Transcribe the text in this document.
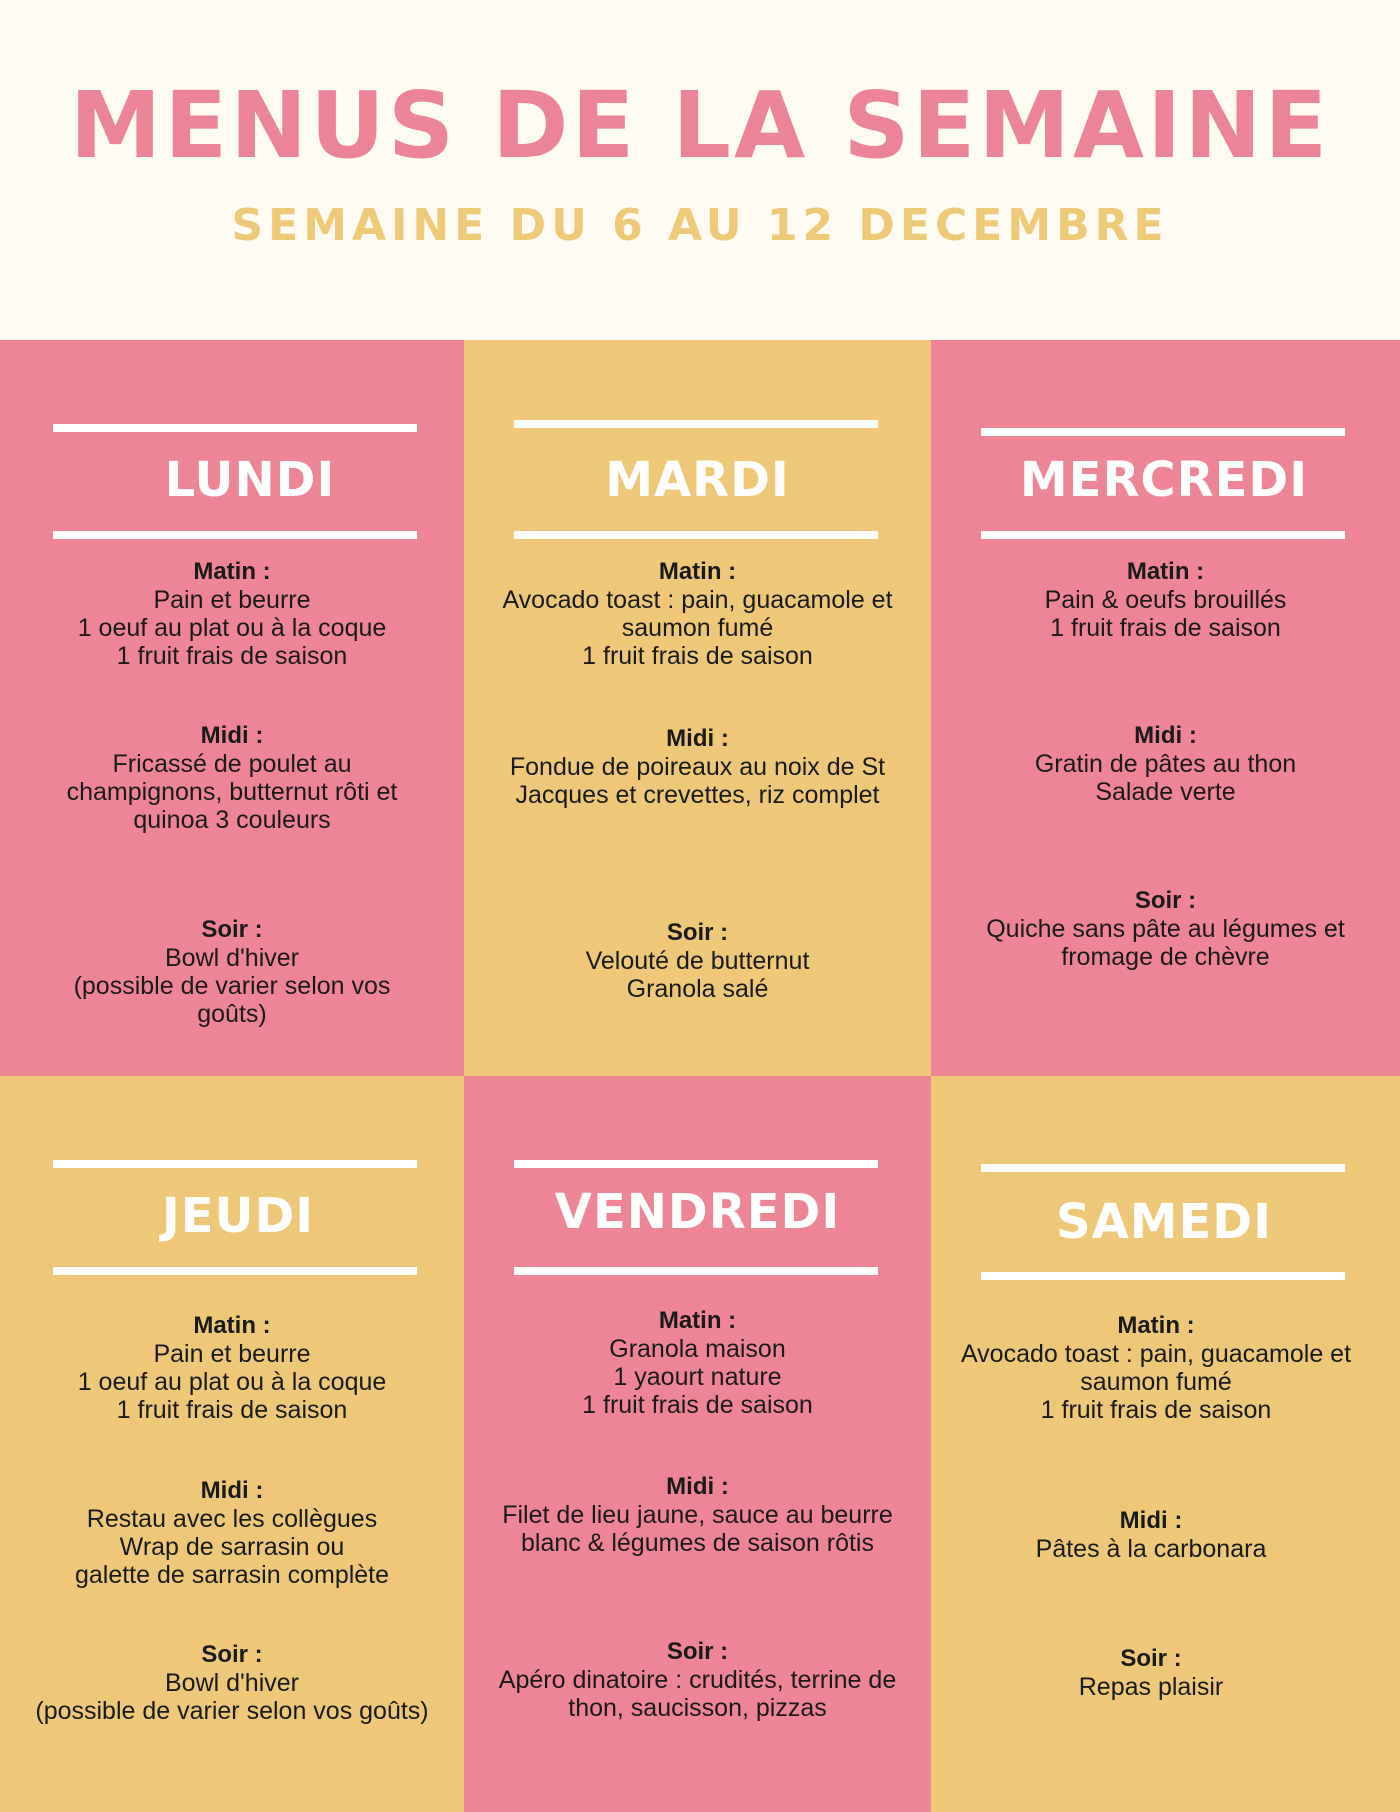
MENUS DE LA SEMAINE
SEMAINE DU 6 AU 12 DECEMBRE
LUNDI
Matin :
Pain et beurre
1 oeuf au plat ou à la coque
1 fruit frais de saison
Midi :
Fricassé de poulet au
champignons, butternut rôti et
quinoa 3 couleurs
Soir :
Bowl d'hiver
(possible de varier selon vos
goûts)
MARDI
Matin :
Avocado toast : pain, guacamole et
saumon fumé
1 fruit frais de saison
Midi :
Fondue de poireaux au noix de St
Jacques et crevettes, riz complet
Soir :
Velouté de butternut
Granola salé
MERCREDI
Matin :
Pain & oeufs brouillés
1 fruit frais de saison
Midi :
Gratin de pâtes au thon
Salade verte
Soir :
Quiche sans pâte au légumes et
fromage de chèvre
JEUDI
Matin :
Pain et beurre
1 oeuf au plat ou à la coque
1 fruit frais de saison
Midi :
Restau avec les collègues
Wrap de sarrasin ou
galette de sarrasin complète
Soir :
Bowl d'hiver
(possible de varier selon vos goûts)
VENDREDI
Matin :
Granola maison
1 yaourt nature
1 fruit frais de saison
Midi :
Filet de lieu jaune, sauce au beurre
blanc & légumes de saison rôtis
Soir :
Apéro dinatoire : crudités, terrine de
thon, saucisson, pizzas
SAMEDI
Matin :
Avocado toast : pain, guacamole et
saumon fumé
1 fruit frais de saison
Midi :
Pâtes à la carbonara
Soir :
Repas plaisir
